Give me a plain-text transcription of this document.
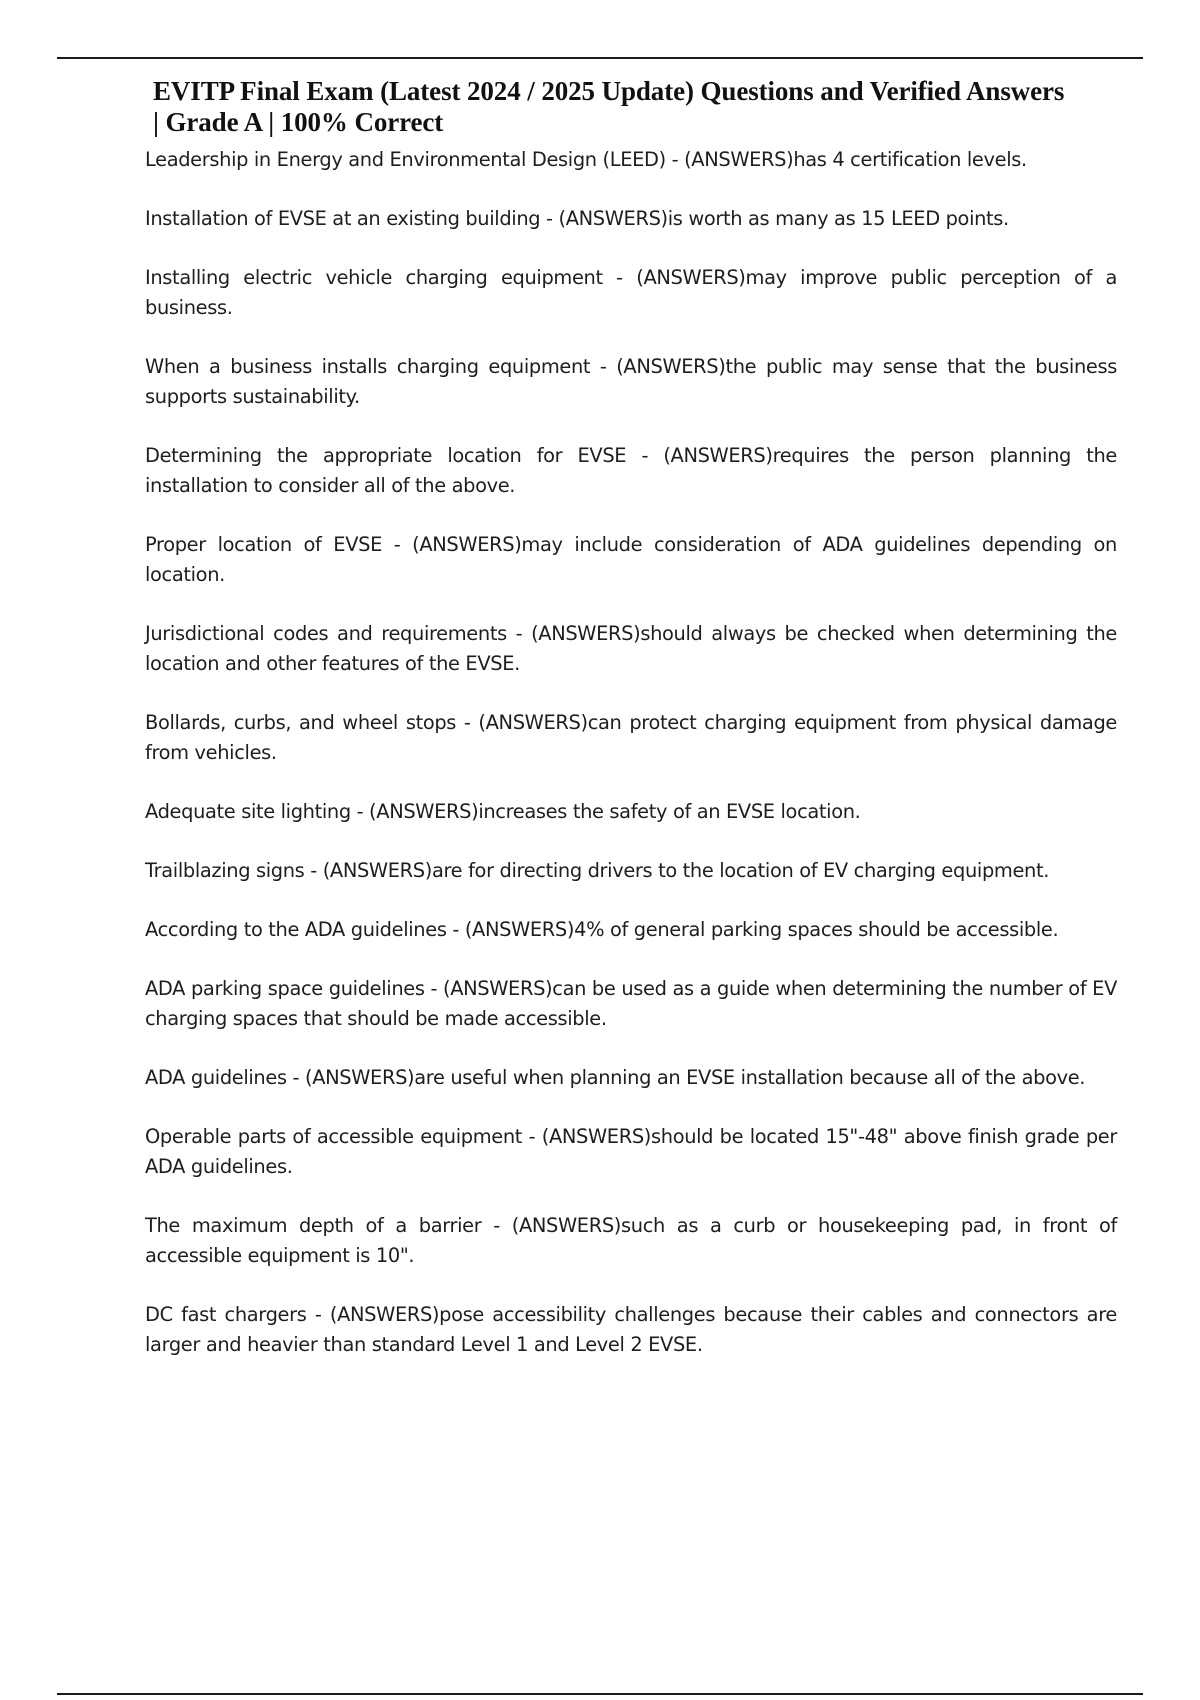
EVITP Final Exam (Latest 2024 / 2025 Update) Questions and Verified Answers
| Grade A | 100% Correct
Leadership in Energy and Environmental Design (LEED) - (ANSWERS)has 4 certification levels.
Installation of EVSE at an existing building - (ANSWERS)is worth as many as 15 LEED points.
Installing electric vehicle charging equipment - (ANSWERS)may improve public perception of a business.
When a business installs charging equipment - (ANSWERS)the public may sense that the business supports sustainability.
Determining the appropriate location for EVSE - (ANSWERS)requires the person planning the installation to consider all of the above.
Proper location of EVSE - (ANSWERS)may include consideration of ADA guidelines depending on location.
Jurisdictional codes and requirements - (ANSWERS)should always be checked when determining the location and other features of the EVSE.
Bollards, curbs, and wheel stops - (ANSWERS)can protect charging equipment from physical damage from vehicles.
Adequate site lighting - (ANSWERS)increases the safety of an EVSE location.
Trailblazing signs - (ANSWERS)are for directing drivers to the location of EV charging equipment.
According to the ADA guidelines - (ANSWERS)4% of general parking spaces should be accessible.
ADA parking space guidelines - (ANSWERS)can be used as a guide when determining the number of EV charging spaces that should be made accessible.
ADA guidelines - (ANSWERS)are useful when planning an EVSE installation because all of the above.
Operable parts of accessible equipment - (ANSWERS)should be located 15"-48" above finish grade per ADA guidelines.
The maximum depth of a barrier - (ANSWERS)such as a curb or housekeeping pad, in front of accessible equipment is 10".
DC fast chargers - (ANSWERS)pose accessibility challenges because their cables and connectors are larger and heavier than standard Level 1 and Level 2 EVSE.
